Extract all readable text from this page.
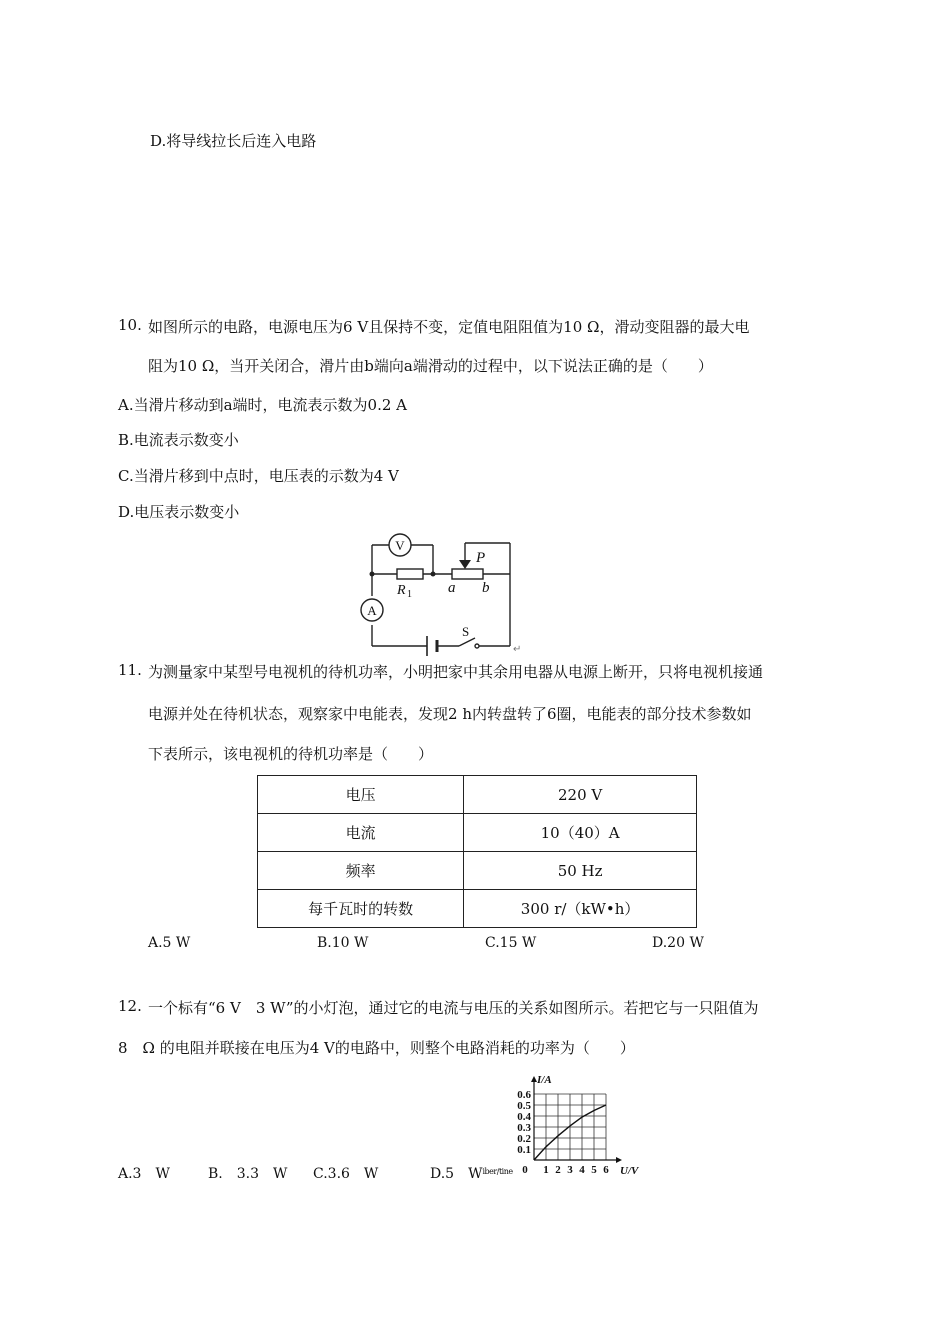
D.将导线拉长后连入电路
10. 如图所示的电路，电源电压为6 V且保持不变，定值电阻阻值为10 Ω，滑动变阻器的最大电
阻为10 Ω，当开关闭合，滑片由b端向a端滑动的过程中，以下说法正确的是（　　）
A.当滑片移动到a端时，电流表示数为0.2 A
B.电流表示数变小
C.当滑片移到中点时，电压表的示数为4 V
D.电压表示数变小
V
A
R 1
P
a b
S
↵
11. 为测量家中某型号电视机的待机功率，小明把家中其余用电器从电源上断开，只将电视机接通
电源并处在待机状态，观察家中电能表，发现2 h内转盘转了6圈，电能表的部分技术参数如
下表所示，该电视机的待机功率是（　　）
电压	220 V
电流	10（40）A
频率	50 Hz
每千瓦时的转数	300 r/（kW•h）
A.5 W	B.10 W	C.15 W	D.20 W
12. 一个标有“6 V　3 W”的小灯泡，通过它的电流与电压的关系如图所示。若把它与一只阻值为
8　Ω 的电阻并联接在电压为4 V的电路中，则整个电路消耗的功率为（　　）
A.3　W	B.　3.3　W C.3.6　W	D.5　W$^{iber/tine}$	1 2 3 4 5 6
0.1
0.2
0.3
0.4
0.5
0.6
0
I/A
U/V
